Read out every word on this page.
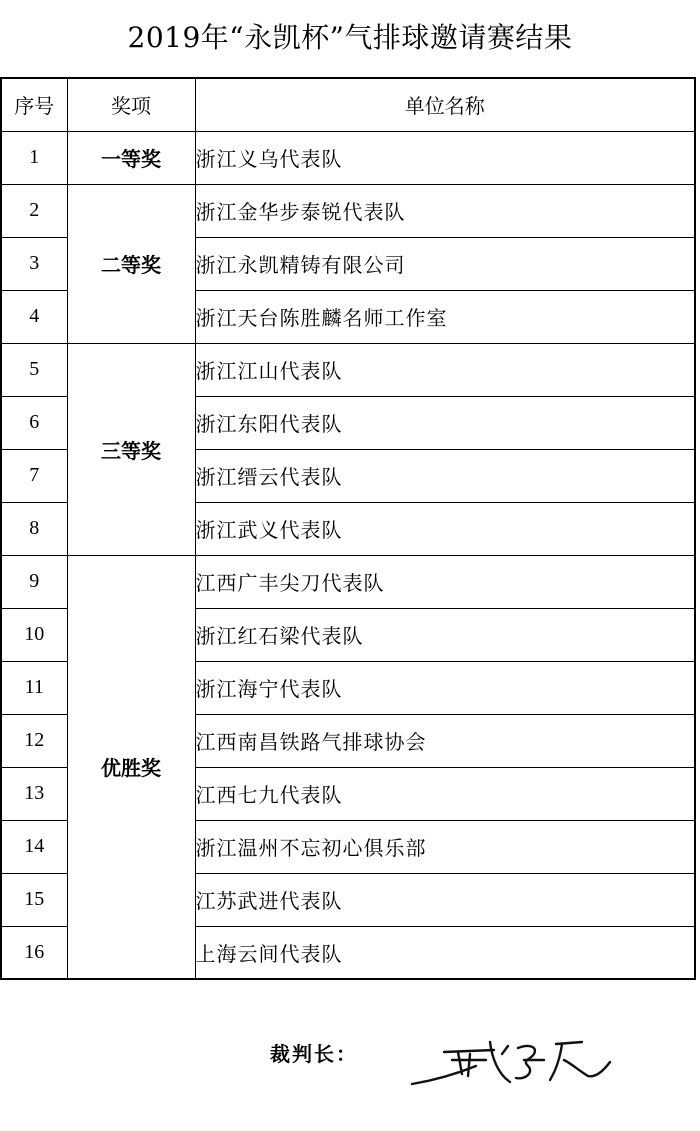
2019年“永凯杯”气排球邀请赛结果
序号	奖项	单位名称
1	一等奖	浙江义乌代表队
2	二等奖	浙江金华步泰锐代表队
3		浙江永凯精铸有限公司
4		浙江天台陈胜麟名师工作室
5	三等奖	浙江江山代表队
6		浙江东阳代表队
7		浙江缙云代表队
8		浙江武义代表队
9	优胜奖	江西广丰尖刀代表队
10		浙江红石梁代表队
11		浙江海宁代表队
12		江西南昌铁路气排球协会
13		江西七九代表队
14		浙江温州不忘初心俱乐部
15		江苏武进代表队
16		上海云间代表队
裁判长：
